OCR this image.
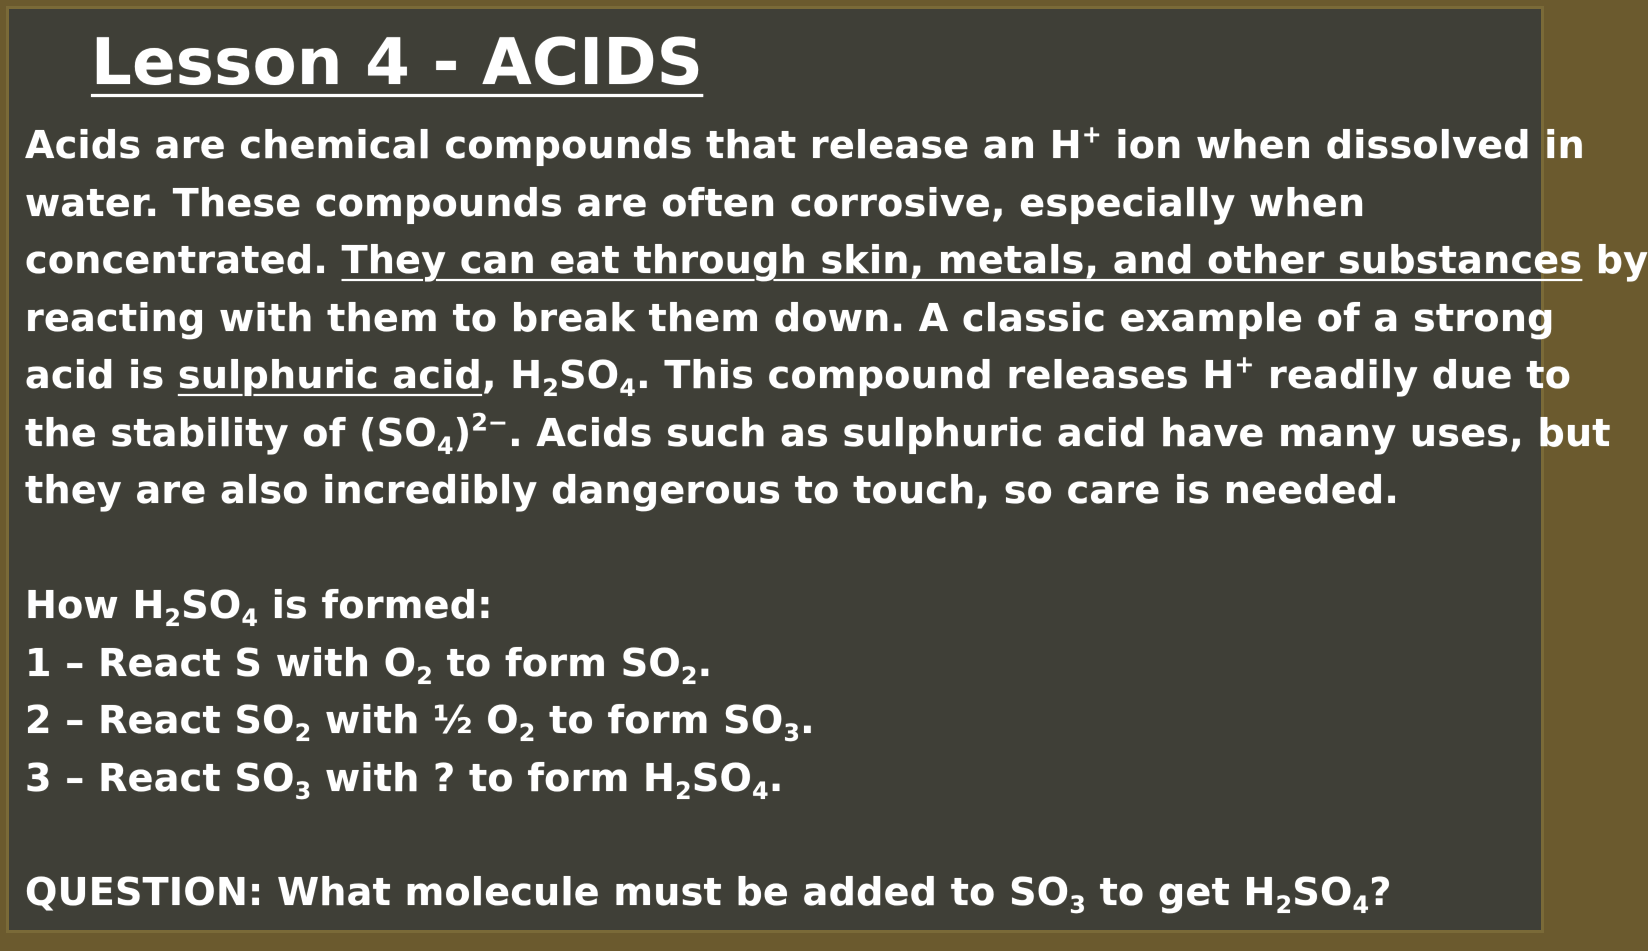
Lesson 4 - ACIDS
Acids are chemical compounds that release an H+ ion when dissolved in
water. These compounds are often corrosive, especially when
concentrated. They can eat through skin, metals, and other substances by
reacting with them to break them down. A classic example of a strong
acid is sulphuric acid, $H_2SO_4$. This compound releases H+ readily due to
the stability of $(SO_4)^{2-}$. Acids such as sulphuric acid have many uses, but
they are also incredibly dangerous to touch, so care is needed.
How $H_2SO_4$ is formed:
1 – React S with $O_2$ to form $SO_2$.
2 – React $SO_2$ with ½ $O_2$ to form $SO_3$.
3 – React $SO_3$ with ? to form $H_2SO_4$.
QUESTION: What molecule must be added to $SO_3$ to get $H_2SO_4$?
